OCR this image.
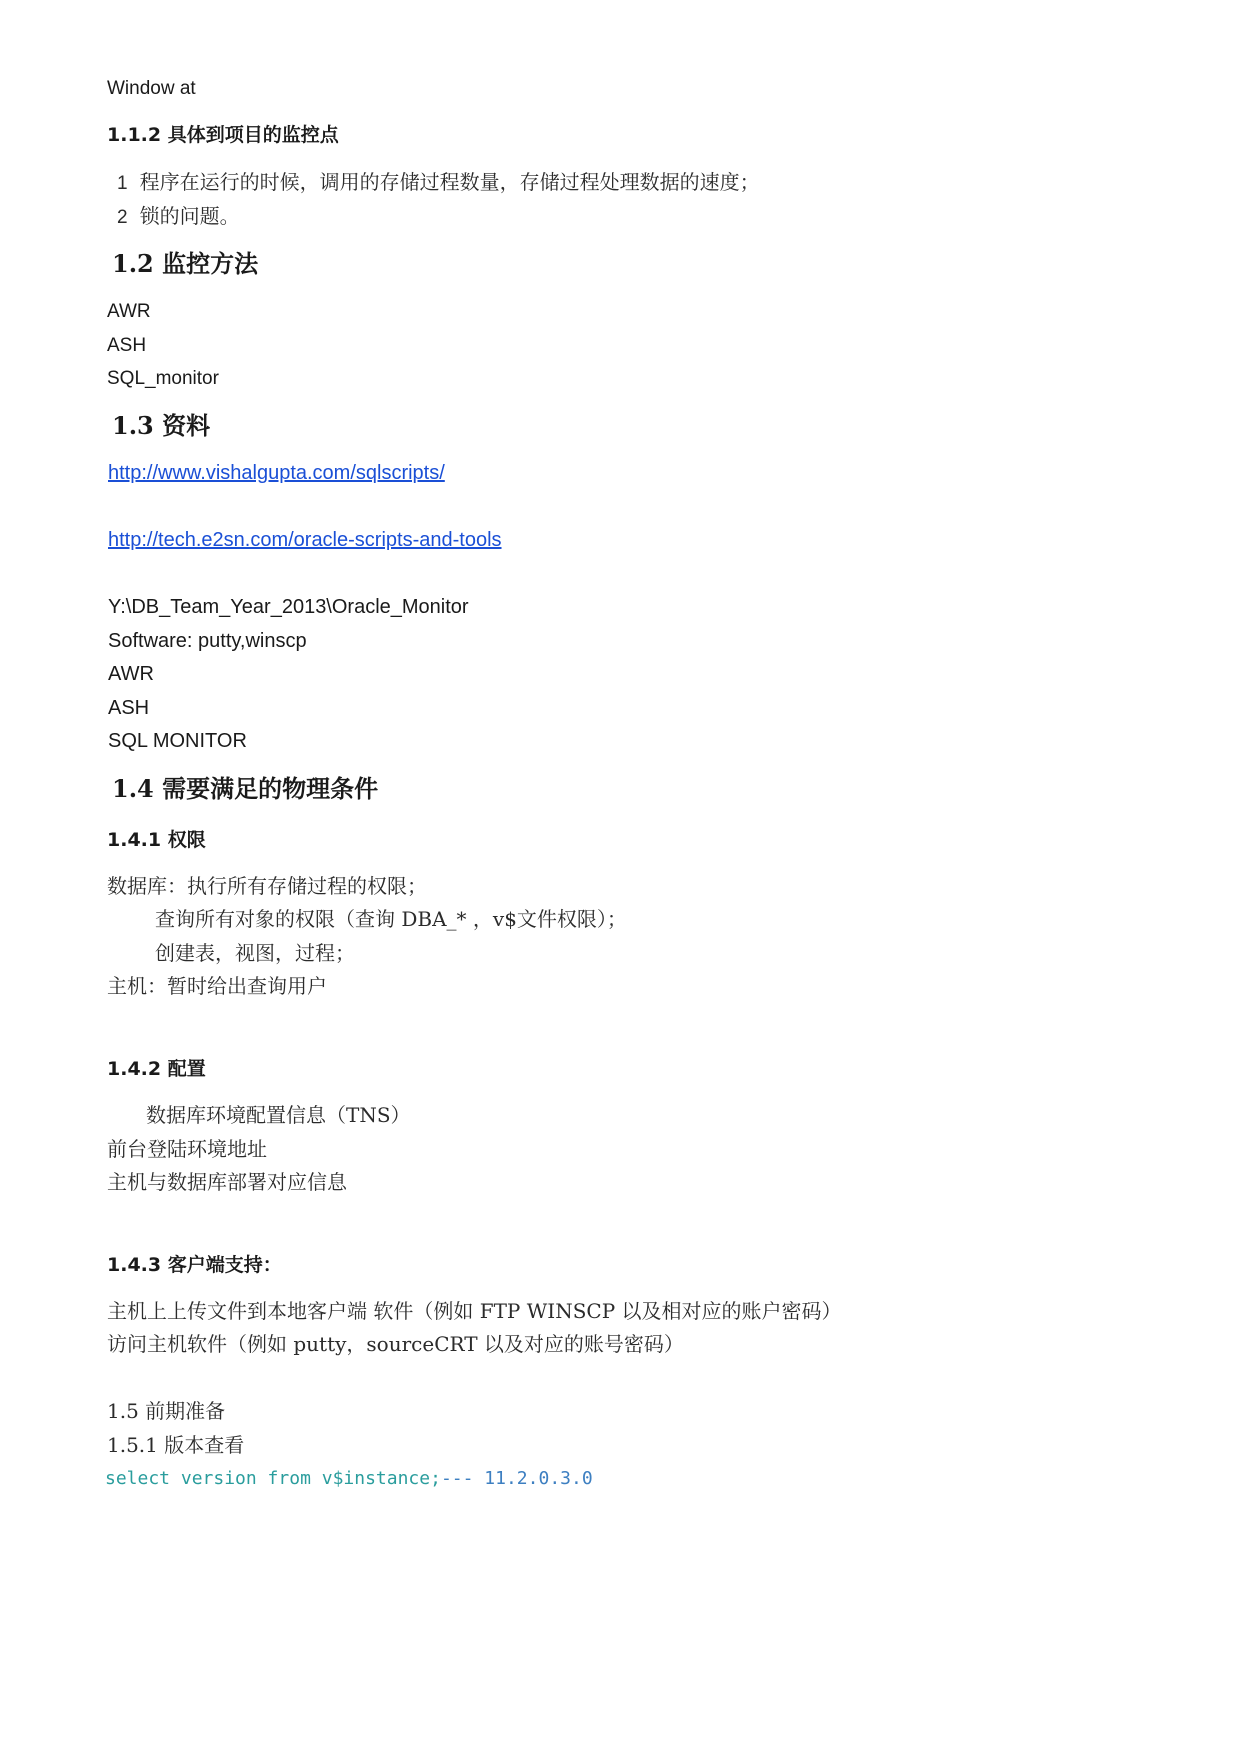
Window at
1.1.2 具体到项目的监控点
1 程序在运行的时候，调用的存储过程数量，存储过程处理数据的速度；
2 锁的问题。
1.2 监控方法
AWR
ASH
SQL_monitor
1.3 资料
http://www.vishalgupta.com/sqlscripts/
http://tech.e2sn.com/oracle-scripts-and-tools
Y:\DB_Team_Year_2013\Oracle_Monitor
Software: putty,winscp
AWR
ASH
SQL MONITOR
1.4 需要满足的物理条件
1.4.1 权限
数据库：执行所有存储过程的权限；
查询所有对象的权限（查询 DBA_* ，v$文件权限）；
创建表，视图，过程；
主机：暂时给出查询用户
1.4.2 配置
数据库环境配置信息（TNS）
前台登陆环境地址
主机与数据库部署对应信息
1.4.3 客户端支持：
主机上上传文件到本地客户端 软件（例如 FTP WINSCP 以及相对应的账户密码）
访问主机软件（例如 putty，sourceCRT 以及对应的账号密码）
1.5 前期准备
1.5.1 版本查看
select version from v$instance;--- 11.2.0.3.0
